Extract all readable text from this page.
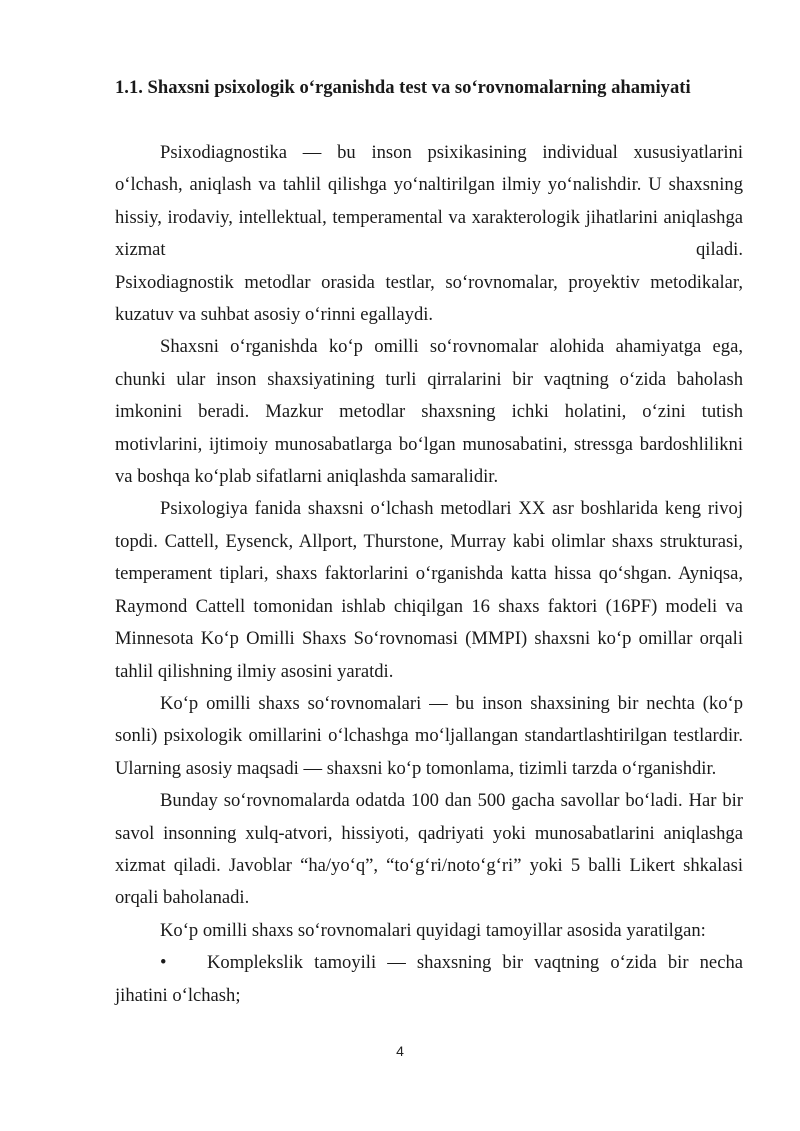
1.1. Shaxsni psixologik o‘rganishda test va so‘rovnomalarning ahamiyati

Psixodiagnostika — bu inson psixikasining individual xususiyatlarini o‘lchash, aniqlash va tahlil qilishga yo‘naltirilgan ilmiy yo‘nalishdir. U shaxsning hissiy, irodaviy, intellektual, temperamental va xarakterologik jihatlarini aniqlashga xizmat qiladi.

Psixodiagnostik metodlar orasida testlar, so‘rovnomalar, proyektiv metodikalar, kuzatuv va suhbat asosiy o‘rinni egallaydi.

Shaxsni o‘rganishda ko‘p omilli so‘rovnomalar alohida ahamiyatga ega, chunki ular inson shaxsiyatining turli qirralarini bir vaqtning o‘zida baholash imkonini beradi. Mazkur metodlar shaxsning ichki holatini, o‘zini tutish motivlarini, ijtimoiy munosabatlarga bo‘lgan munosabatini, stressga bardoshlilikni va boshqa ko‘plab sifatlarni aniqlashda samaralidir.

Psixologiya fanida shaxsni o‘lchash metodlari XX asr boshlarida keng rivoj topdi. Cattell, Eysenck, Allport, Thurstone, Murray kabi olimlar shaxs strukturasi, temperament tiplari, shaxs faktorlarini o‘rganishda katta hissa qo‘shgan. Ayniqsa, Raymond Cattell tomonidan ishlab chiqilgan 16 shaxs faktori (16PF) modeli va Minnesota Ko‘p Omilli Shaxs So‘rovnomasi (MMPI) shaxsni ko‘p omillar orqali tahlil qilishning ilmiy asosini yaratdi.

Ko‘p omilli shaxs so‘rovnomalari — bu inson shaxsining bir nechta (ko‘p sonli) psixologik omillarini o‘lchashga mo‘ljallangan standartlashtirilgan testlardir. Ularning asosiy maqsadi — shaxsni ko‘p tomonlama, tizimli tarzda o‘rganishdir.

Bunday so‘rovnomalarda odatda 100 dan 500 gacha savollar bo‘ladi. Har bir savol insonning xulq-atvori, hissiyoti, qadriyati yoki munosabatlarini aniqlashga xizmat qiladi. Javoblar “ha/yo‘q”, “to‘g‘ri/noto‘g‘ri” yoki 5 balli Likert shkalasi orqali baholanadi.

Ko‘p omilli shaxs so‘rovnomalari quyidagi tamoyillar asosida yaratilgan:

• Komplekslik tamoyili — shaxsning bir vaqtning o‘zida bir necha jihatini o‘lchash;

4
